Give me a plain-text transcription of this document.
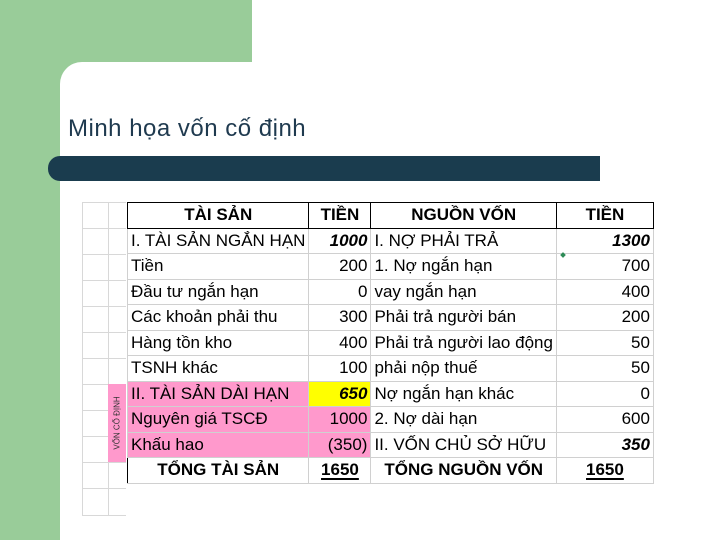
Minh họa vốn cố định
VỐN CỐ ĐỊNH
TÀI SẢN	TIỀN	NGUỒN VỐN	TIỀN
I. TÀI SẢN NGẮN HẠN	1000	I. NỢ PHẢI TRẢ	1300
Tiền	200	1. Nợ ngắn hạn	700
Đầu tư ngắn hạn	0	vay ngắn hạn	400
Các khoản phải thu	300	Phải trả người bán	200
Hàng tồn kho	400	Phải trả người lao động	50
TSNH khác	100	phải nộp thuế	50
II. TÀI SẢN DÀI HẠN	650	Nợ ngắn hạn khác	0
Nguyên giá TSCĐ	1000	2. Nợ dài hạn	600
Khấu hao	(350)	II. VỐN CHỦ SỞ HỮU	350
TỔNG TÀI SẢN	1650	TỔNG NGUỒN VỐN	1650
